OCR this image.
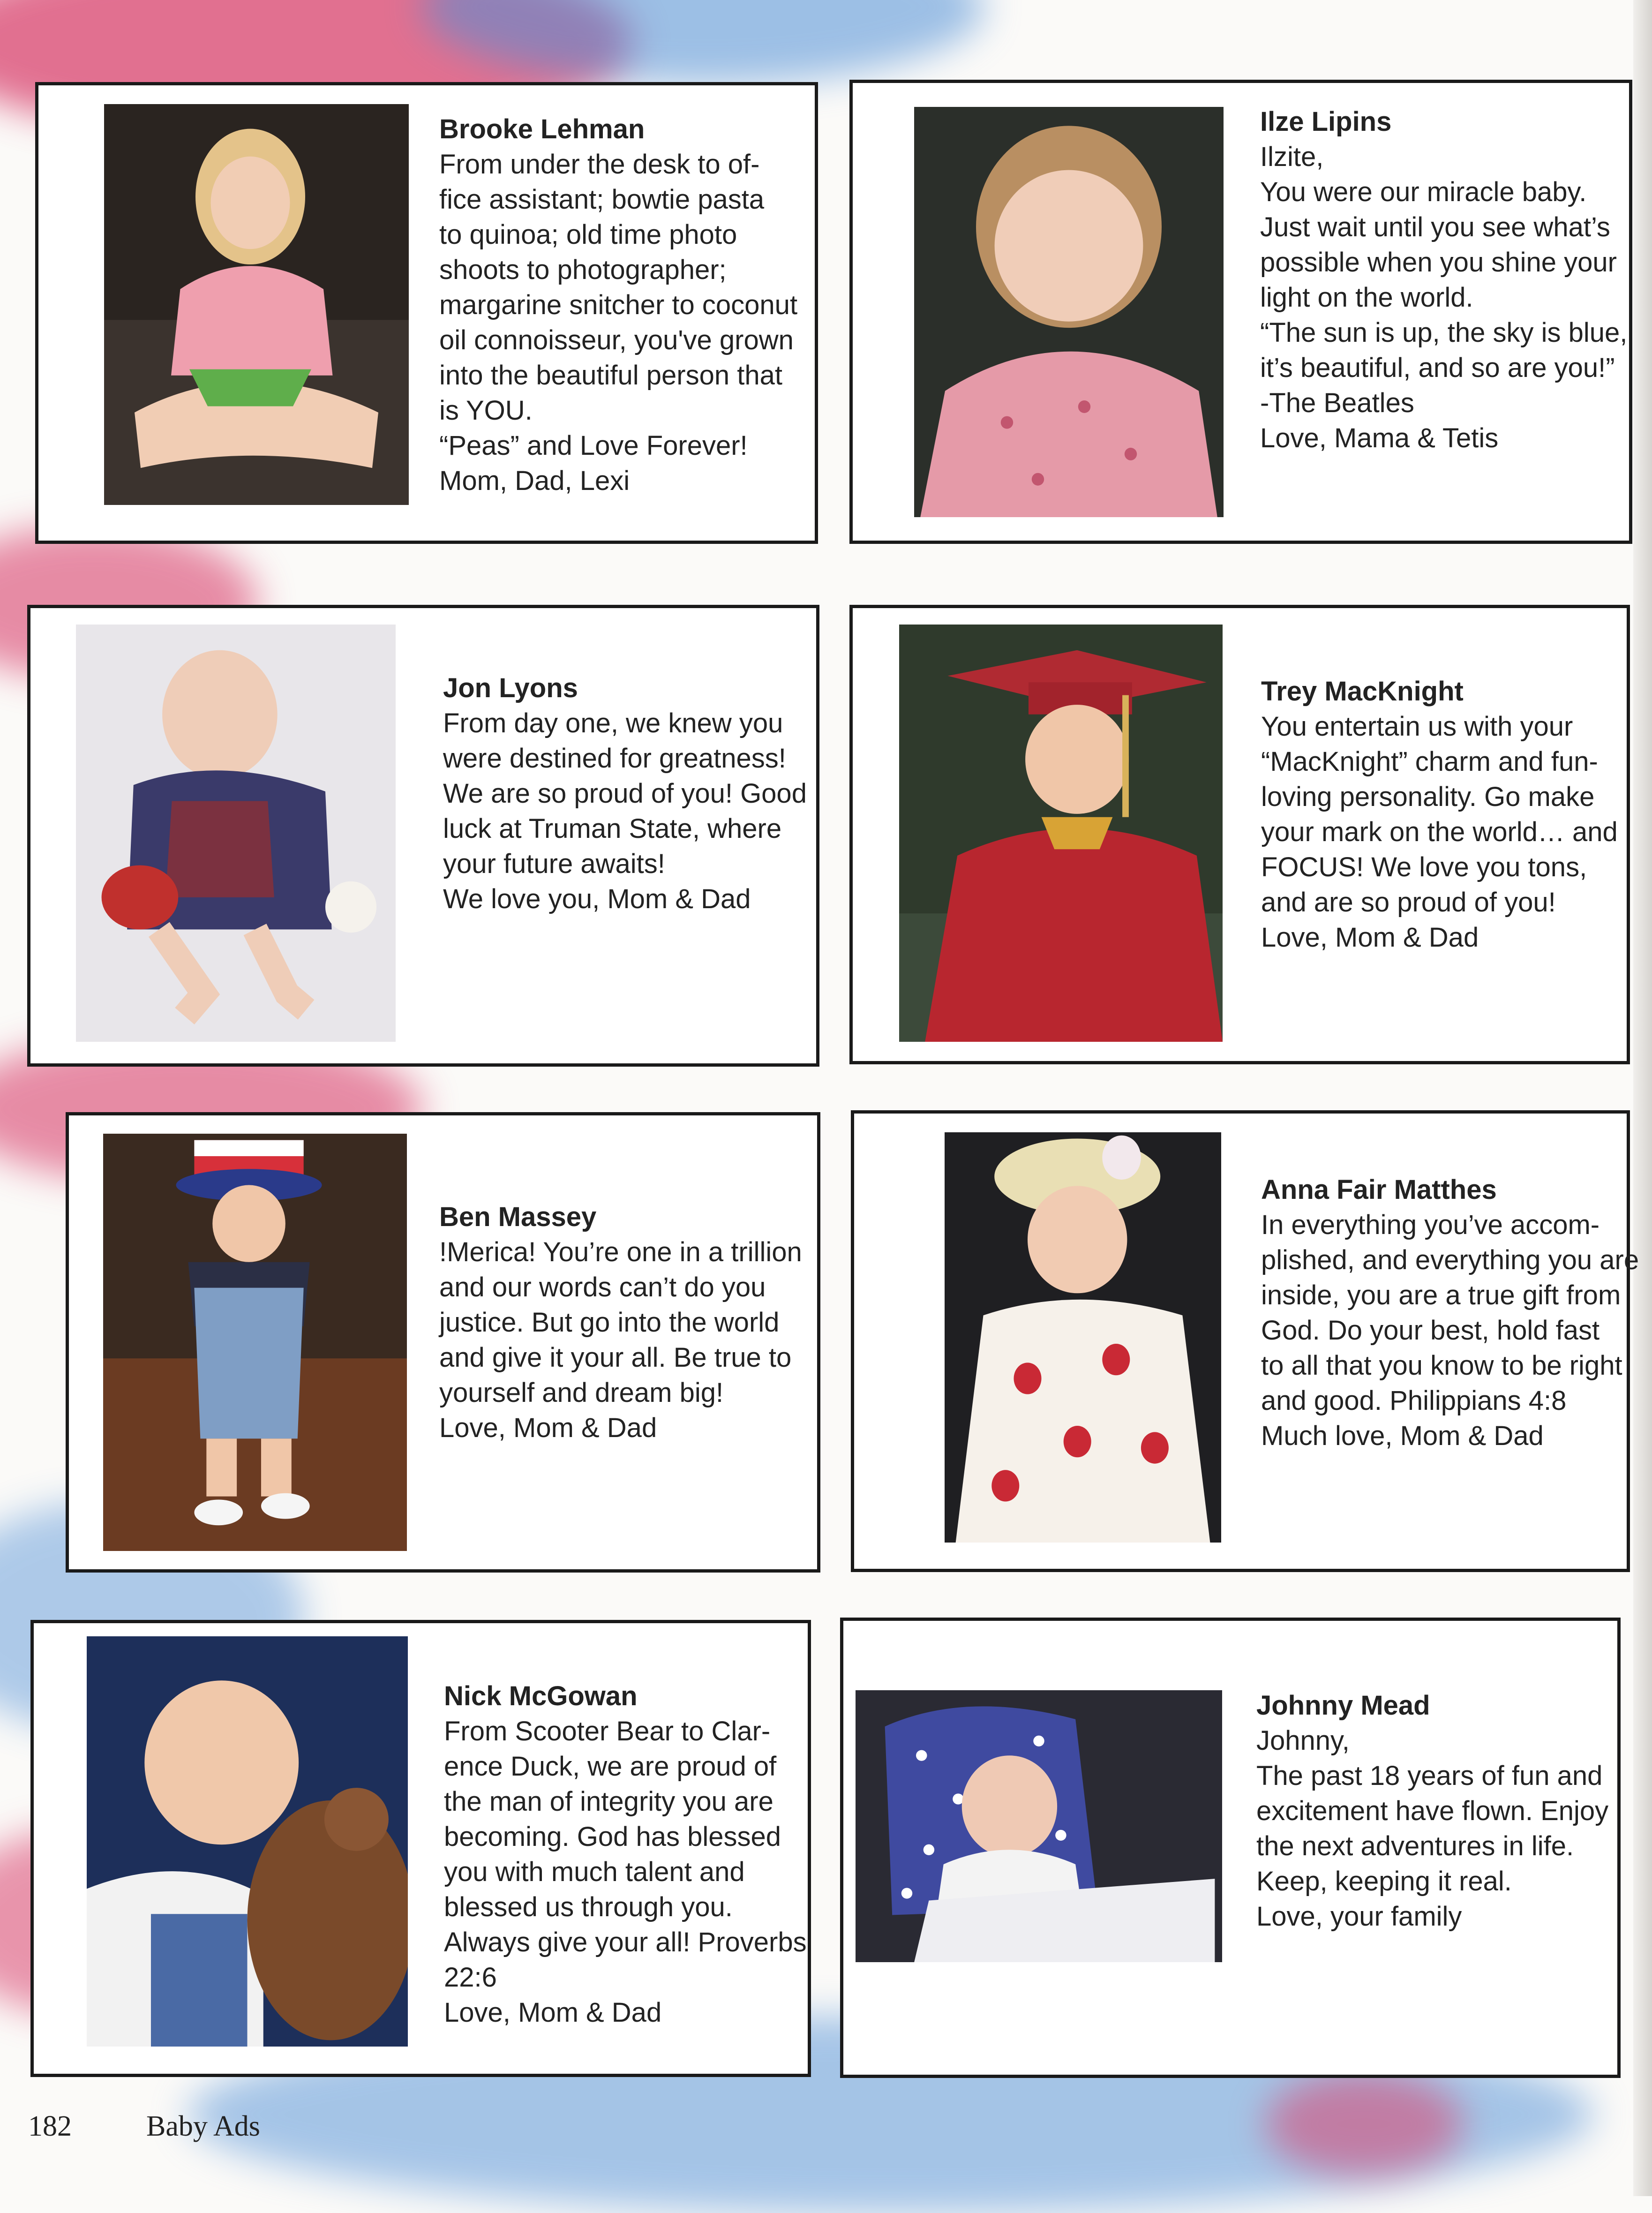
Brooke Lehman
From under the desk to of-
fice assistant; bowtie pasta
to quinoa; old time photo
shoots to photographer;
margarine snitcher to coconut
oil connoisseur, you've grown
into the beautiful person that
is YOU.
“Peas” and Love Forever!
Mom, Dad, Lexi
Ilze Lipins
Ilzite,
You were our miracle baby.
Just wait until you see what’s
possible when you shine your
light on the world.
“The sun is up, the sky is blue,
it’s beautiful, and so are you!”
-The Beatles
Love, Mama & Tetis
Jon Lyons
From day one, we knew you
were destined for greatness!
We are so proud of you! Good
luck at Truman State, where
your future awaits!
We love you, Mom & Dad
Trey MacKnight
You entertain us with your
“MacKnight” charm and fun-
loving personality. Go make
your mark on the world… and
FOCUS! We love you tons,
and are so proud of you!
Love, Mom & Dad
Ben Massey
!Merica! You’re one in a trillion
and our words can’t do you
justice. But go into the world
and give it your all. Be true to
yourself and dream big!
Love, Mom & Dad
Anna Fair Matthes
In everything you’ve accom-
plished, and everything you are
inside, you are a true gift from
God. Do your best, hold fast
to all that you know to be right
and good. Philippians 4:8
Much love, Mom & Dad
Nick McGowan
From Scooter Bear to Clar-
ence Duck, we are proud of
the man of integrity you are
becoming. God has blessed
you with much talent and
blessed us through you.
Always give your all! Proverbs
22:6
Love, Mom & Dad
Johnny Mead
Johnny,
The past 18 years of fun and
excitement have flown. Enjoy
the next adventures in life.
Keep, keeping it real.
Love, your family
182	Baby Ads
